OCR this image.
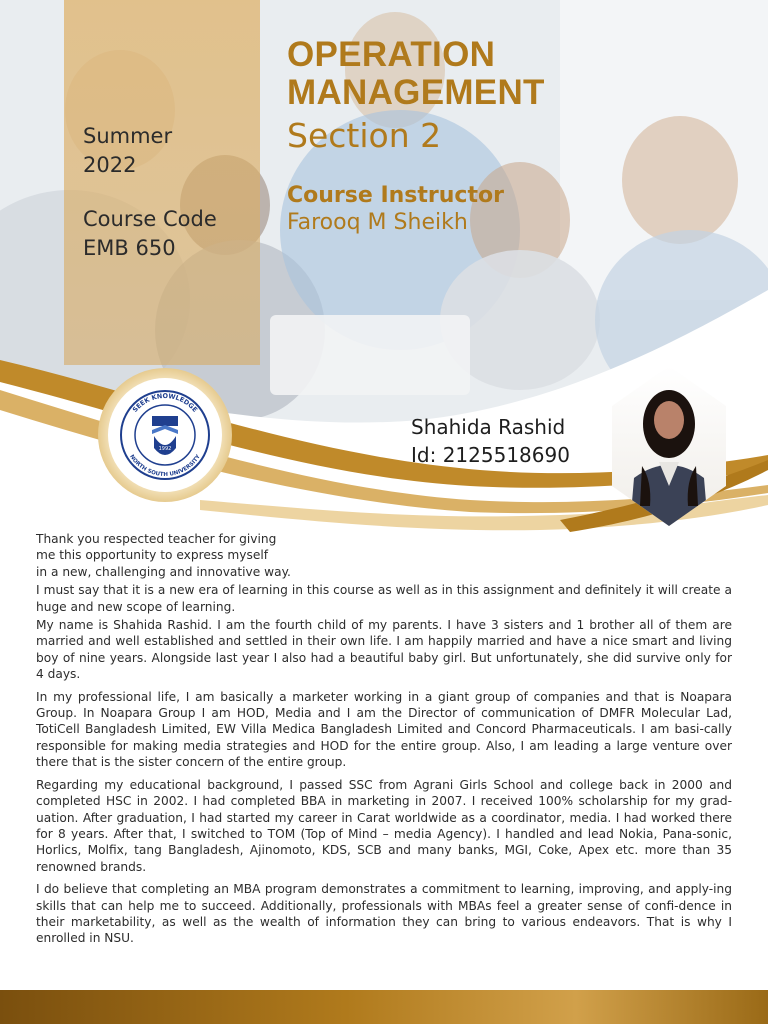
Summer
2022
Course Code
EMB 650
OPERATION
MANAGEMENT
Section 2
Course Instructor
Farooq M Sheikh
SEEK KNOWLEDGE
NORTH SOUTH UNIVERSITY
1992
Shahida Rashid
Id: 2125518690

Thank you respected teacher for giving
me this opportunity to express myself
in a new, challenging and innovative way.

I must say that it is a new era of learning in this course as well as in this assignment and definitely it will create a huge and new scope of learning.

My name is Shahida Rashid. I am the fourth child of my parents. I have 3 sisters and 1 brother all of them are married and well established and settled in their own life. I am happily married and have a nice smart and living boy of nine years. Alongside last year I also had a beautiful baby girl. But unfortunately, she did survive only for 4 days.

In my professional life, I am basically a marketer working in a giant group of companies and that is Noapara Group. In Noapara Group I am HOD, Media and I am the Director of communication of DMFR Molecular Lad, TotiCell Bangladesh Limited, EW Villa Medica Bangladesh Limited and Concord Pharmaceuticals. I am basi-cally responsible for making media strategies and HOD for the entire group. Also, I am leading a large venture over there that is the sister concern of the entire group.

Regarding my educational background, I passed SSC from Agrani Girls School and college back in 2000 and completed HSC in 2002. I had completed BBA in marketing in 2007. I received 100% scholarship for my grad-uation. After graduation, I had started my career in Carat worldwide as a coordinator, media. I had worked there for 8 years. After that, I switched to TOM (Top of Mind – media Agency). I handled and lead Nokia, Pana-sonic, Horlics, Molfix, tang Bangladesh, Ajinomoto, KDS, SCB and many banks, MGI, Coke, Apex etc. more than 35 renowned brands.

I do believe that completing an MBA program demonstrates a commitment to learning, improving, and apply-ing skills that can help me to succeed. Additionally, professionals with MBAs feel a greater sense of confi-dence in their marketability, as well as the wealth of information they can bring to various endeavors. That is why I enrolled in NSU.
